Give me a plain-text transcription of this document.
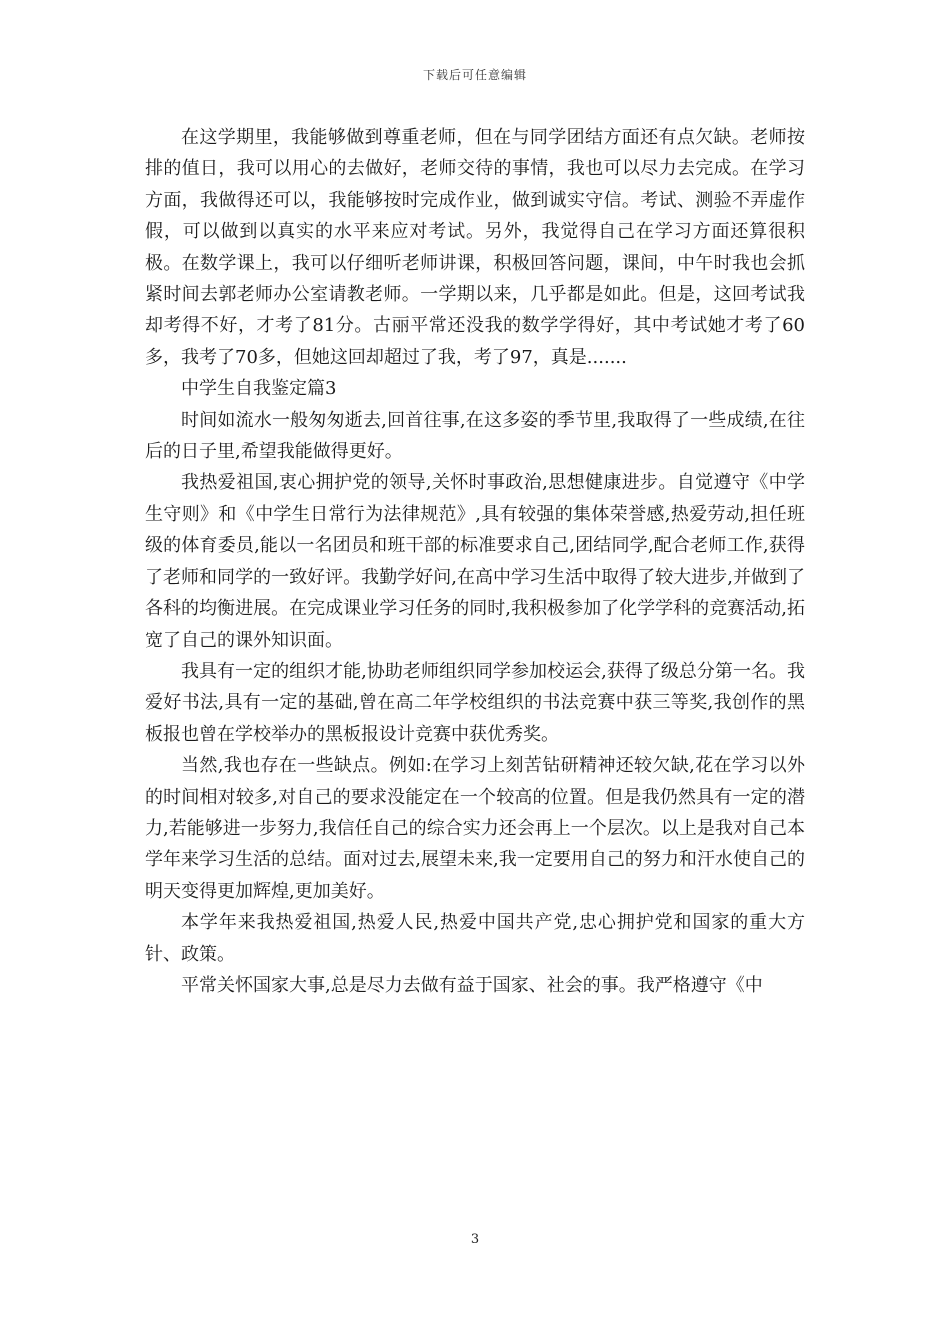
下载后可任意编辑

在这学期里，我能够做到尊重老师，但在与同学团结方面还有点欠缺。老师按排的值日，我可以用心的去做好，老师交待的事情，我也可以尽力去完成。在学习方面，我做得还可以，我能够按时完成作业，做到诚实守信。考试、测验不弄虚作假，可以做到以真实的水平来应对考试。另外，我觉得自己在学习方面还算很积极。在数学课上，我可以仔细听老师讲课，积极回答问题，课间，中午时我也会抓紧时间去郭老师办公室请教老师。一学期以来，几乎都是如此。但是，这回考试我却考得不好，才考了81分。古丽平常还没我的数学学得好，其中考试她才考了60多，我考了70多，但她这回却超过了我，考了97，真是.......

中学生自我鉴定篇3

时间如流水一般匆匆逝去,回首往事,在这多姿的季节里,我取得了一些成绩,在往后的日子里,希望我能做得更好。

我热爱祖国,衷心拥护党的领导,关怀时事政治,思想健康进步。自觉遵守《中学生守则》和《中学生日常行为法律规范》,具有较强的集体荣誉感,热爱劳动,担任班级的体育委员,能以一名团员和班干部的标准要求自己,团结同学,配合老师工作,获得了老师和同学的一致好评。我勤学好问,在高中学习生活中取得了较大进步,并做到了各科的均衡进展。在完成课业学习任务的同时,我积极参加了化学学科的竞赛活动,拓宽了自己的课外知识面。

我具有一定的组织才能,协助老师组织同学参加校运会,获得了级总分第一名。我爱好书法,具有一定的基础,曾在高二年学校组织的书法竞赛中获三等奖,我创作的黑板报也曾在学校举办的黑板报设计竞赛中获优秀奖。

当然,我也存在一些缺点。例如:在学习上刻苦钻研精神还较欠缺,花在学习以外的时间相对较多,对自己的要求没能定在一个较高的位置。但是我仍然具有一定的潜力,若能够进一步努力,我信任自己的综合实力还会再上一个层次。以上是我对自己本学年来学习生活的总结。面对过去,展望未来,我一定要用自己的努力和汗水使自己的明天变得更加辉煌,更加美好。

本学年来我热爱祖国,热爱人民,热爱中国共产党,忠心拥护党和国家的重大方针、政策。

平常关怀国家大事,总是尽力去做有益于国家、社会的事。我严格遵守《中

3
